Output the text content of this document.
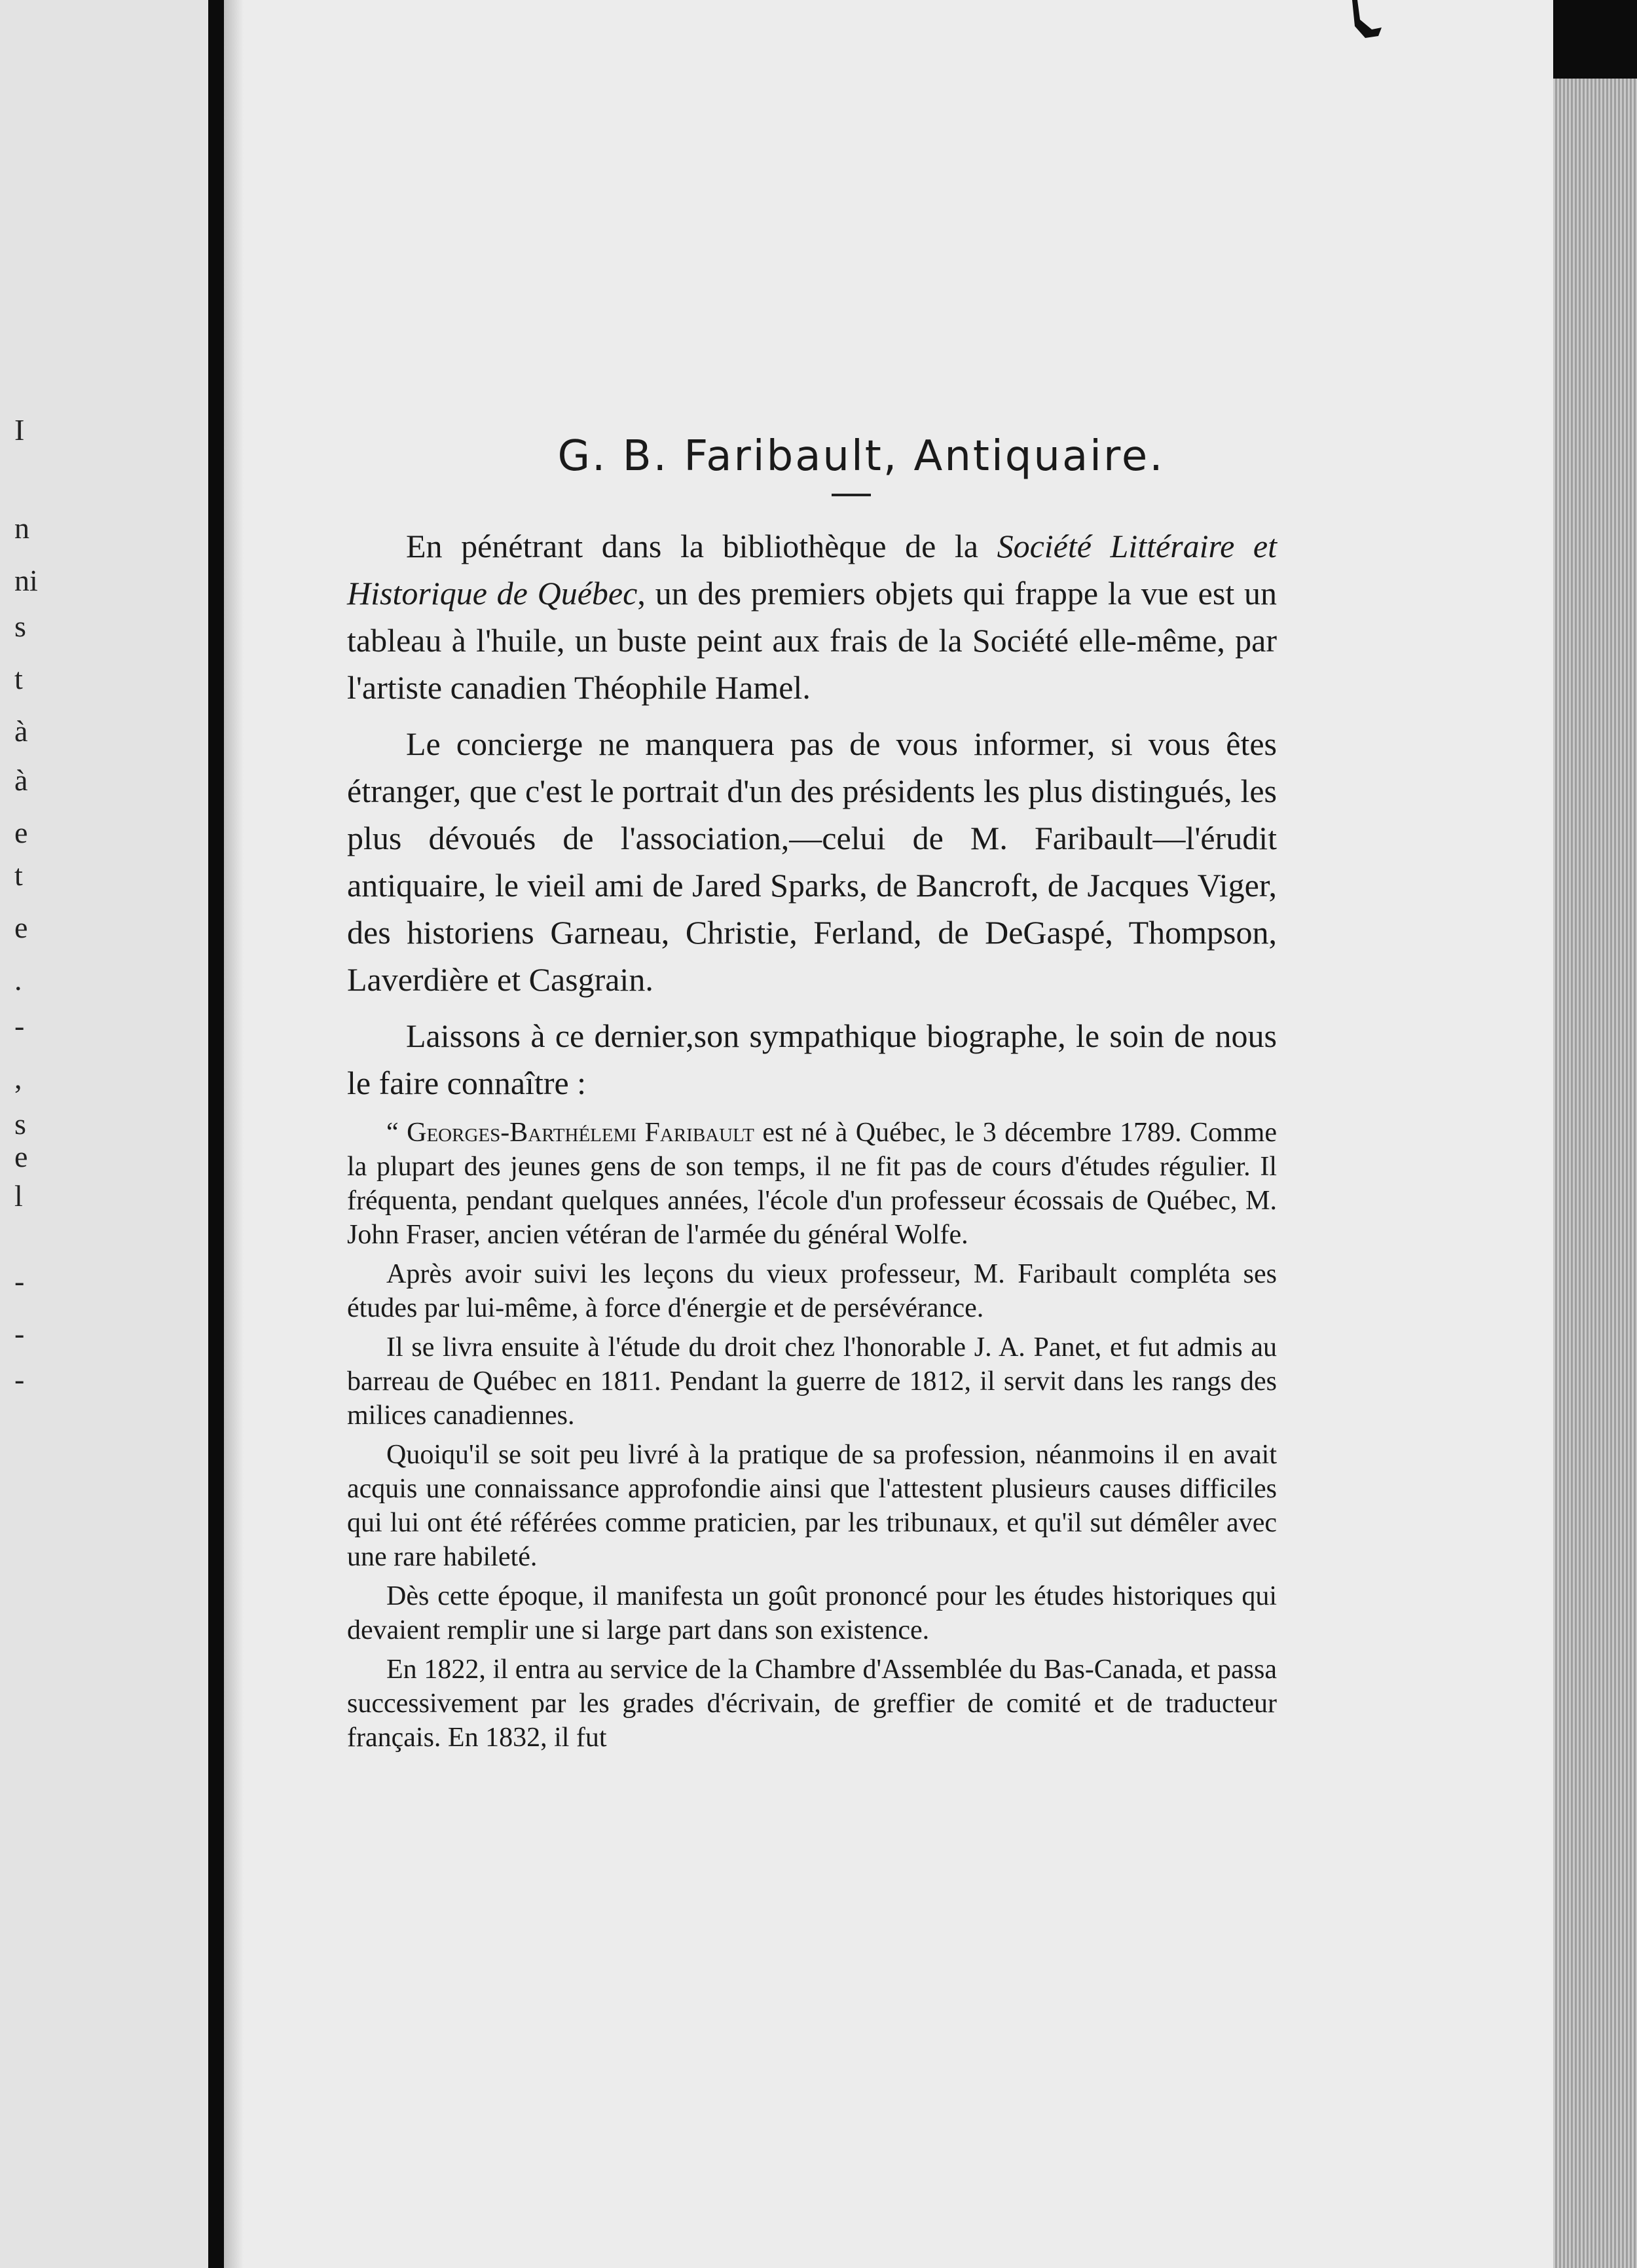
I
n
ni
s
t
à
à
e
t
e
.
-
,
s
e
l
-
-
-
G. B. Faribault, Antiquaire.

En pénétrant dans la bibliothèque de la Société Littéraire et Historique de Québec, un des premiers objets qui frappe la vue est un tableau à l'huile, un buste peint aux frais de la Société elle-même, par l'artiste canadien Théophile Hamel.

Le concierge ne manquera pas de vous informer, si vous êtes étranger, que c'est le portrait d'un des présidents les plus distingués, les plus dévoués de l'association,—celui de M. Faribault—l'érudit antiquaire, le vieil ami de Jared Sparks, de Bancroft, de Jacques Viger, des historiens Garneau, Christie, Ferland, de DeGaspé, Thompson, Laverdière et Casgrain.

Laissons à ce dernier,son sympathique biographe, le soin de nous le faire connaître :

“ Georges-Barthélemi Faribault est né à Québec, le 3 décembre 1789. Comme la plupart des jeunes gens de son temps, il ne fit pas de cours d'études régulier. Il fréquenta, pendant quelques années, l'école d'un professeur écossais de Québec, M. John Fraser, ancien vétéran de l'armée du général Wolfe.

Après avoir suivi les leçons du vieux professeur, M. Faribault compléta ses études par lui-même, à force d'énergie et de persévérance.

Il se livra ensuite à l'étude du droit chez l'honorable J. A. Panet, et fut admis au barreau de Québec en 1811. Pendant la guerre de 1812, il servit dans les rangs des milices canadiennes.

Quoiqu'il se soit peu livré à la pratique de sa profession, néanmoins il en avait acquis une connaissance approfondie ainsi que l'attestent plusieurs causes difficiles qui lui ont été référées comme praticien, par les tribunaux, et qu'il sut démêler avec une rare habileté.

Dès cette époque, il manifesta un goût prononcé pour les études historiques qui devaient remplir une si large part dans son existence.

En 1822, il entra au service de la Chambre d'Assemblée du Bas-Canada, et passa successivement par les grades d'écrivain, de greffier de comité et de traducteur français. En 1832, il fut
